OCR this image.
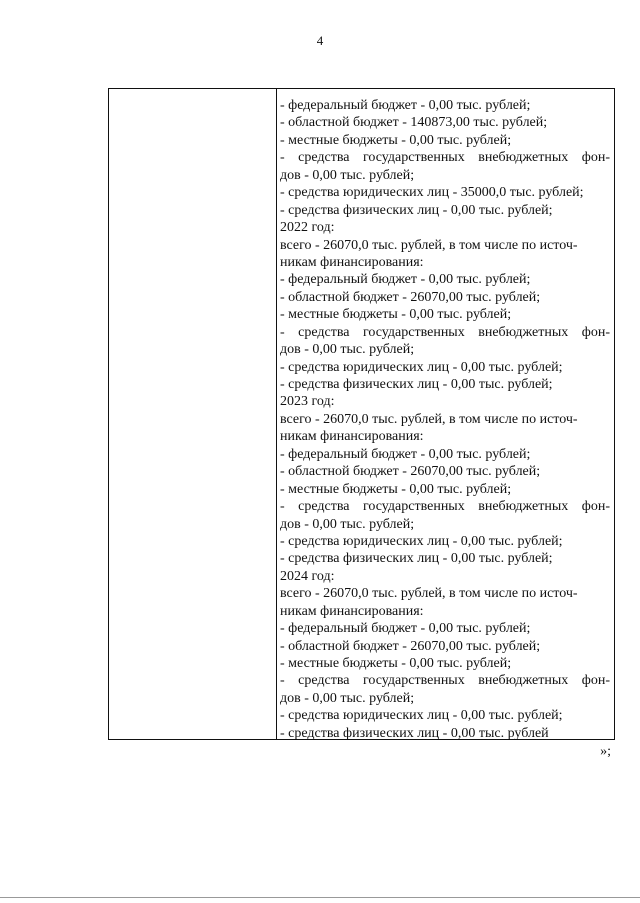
4
- федеральный бюджет - 0,00 тыс. рублей;
- областной бюджет - 140873,00 тыс. рублей;
- местные бюджеты - 0,00 тыс. рублей;
- средства государственных внебюджетных фон-
дов - 0,00 тыс. рублей;
- средства юридических лиц - 35000,0 тыс. рублей;
- средства физических лиц - 0,00 тыс. рублей;
2022 год:
всего - 26070,0 тыс. рублей, в том числе по источ-
никам финансирования:
- федеральный бюджет - 0,00 тыс. рублей;
- областной бюджет - 26070,00 тыс. рублей;
- местные бюджеты - 0,00 тыс. рублей;
- средства государственных внебюджетных фон-
дов - 0,00 тыс. рублей;
- средства юридических лиц - 0,00 тыс. рублей;
- средства физических лиц - 0,00 тыс. рублей;
2023 год:
всего - 26070,0 тыс. рублей, в том числе по источ-
никам финансирования:
- федеральный бюджет - 0,00 тыс. рублей;
- областной бюджет - 26070,00 тыс. рублей;
- местные бюджеты - 0,00 тыс. рублей;
- средства государственных внебюджетных фон-
дов - 0,00 тыс. рублей;
- средства юридических лиц - 0,00 тыс. рублей;
- средства физических лиц - 0,00 тыс. рублей;
2024 год:
всего - 26070,0 тыс. рублей, в том числе по источ-
никам финансирования:
- федеральный бюджет - 0,00 тыс. рублей;
- областной бюджет - 26070,00 тыс. рублей;
- местные бюджеты - 0,00 тыс. рублей;
- средства государственных внебюджетных фон-
дов - 0,00 тыс. рублей;
- средства юридических лиц - 0,00 тыс. рублей;
- средства физических лиц - 0,00 тыс. рублей
»;
